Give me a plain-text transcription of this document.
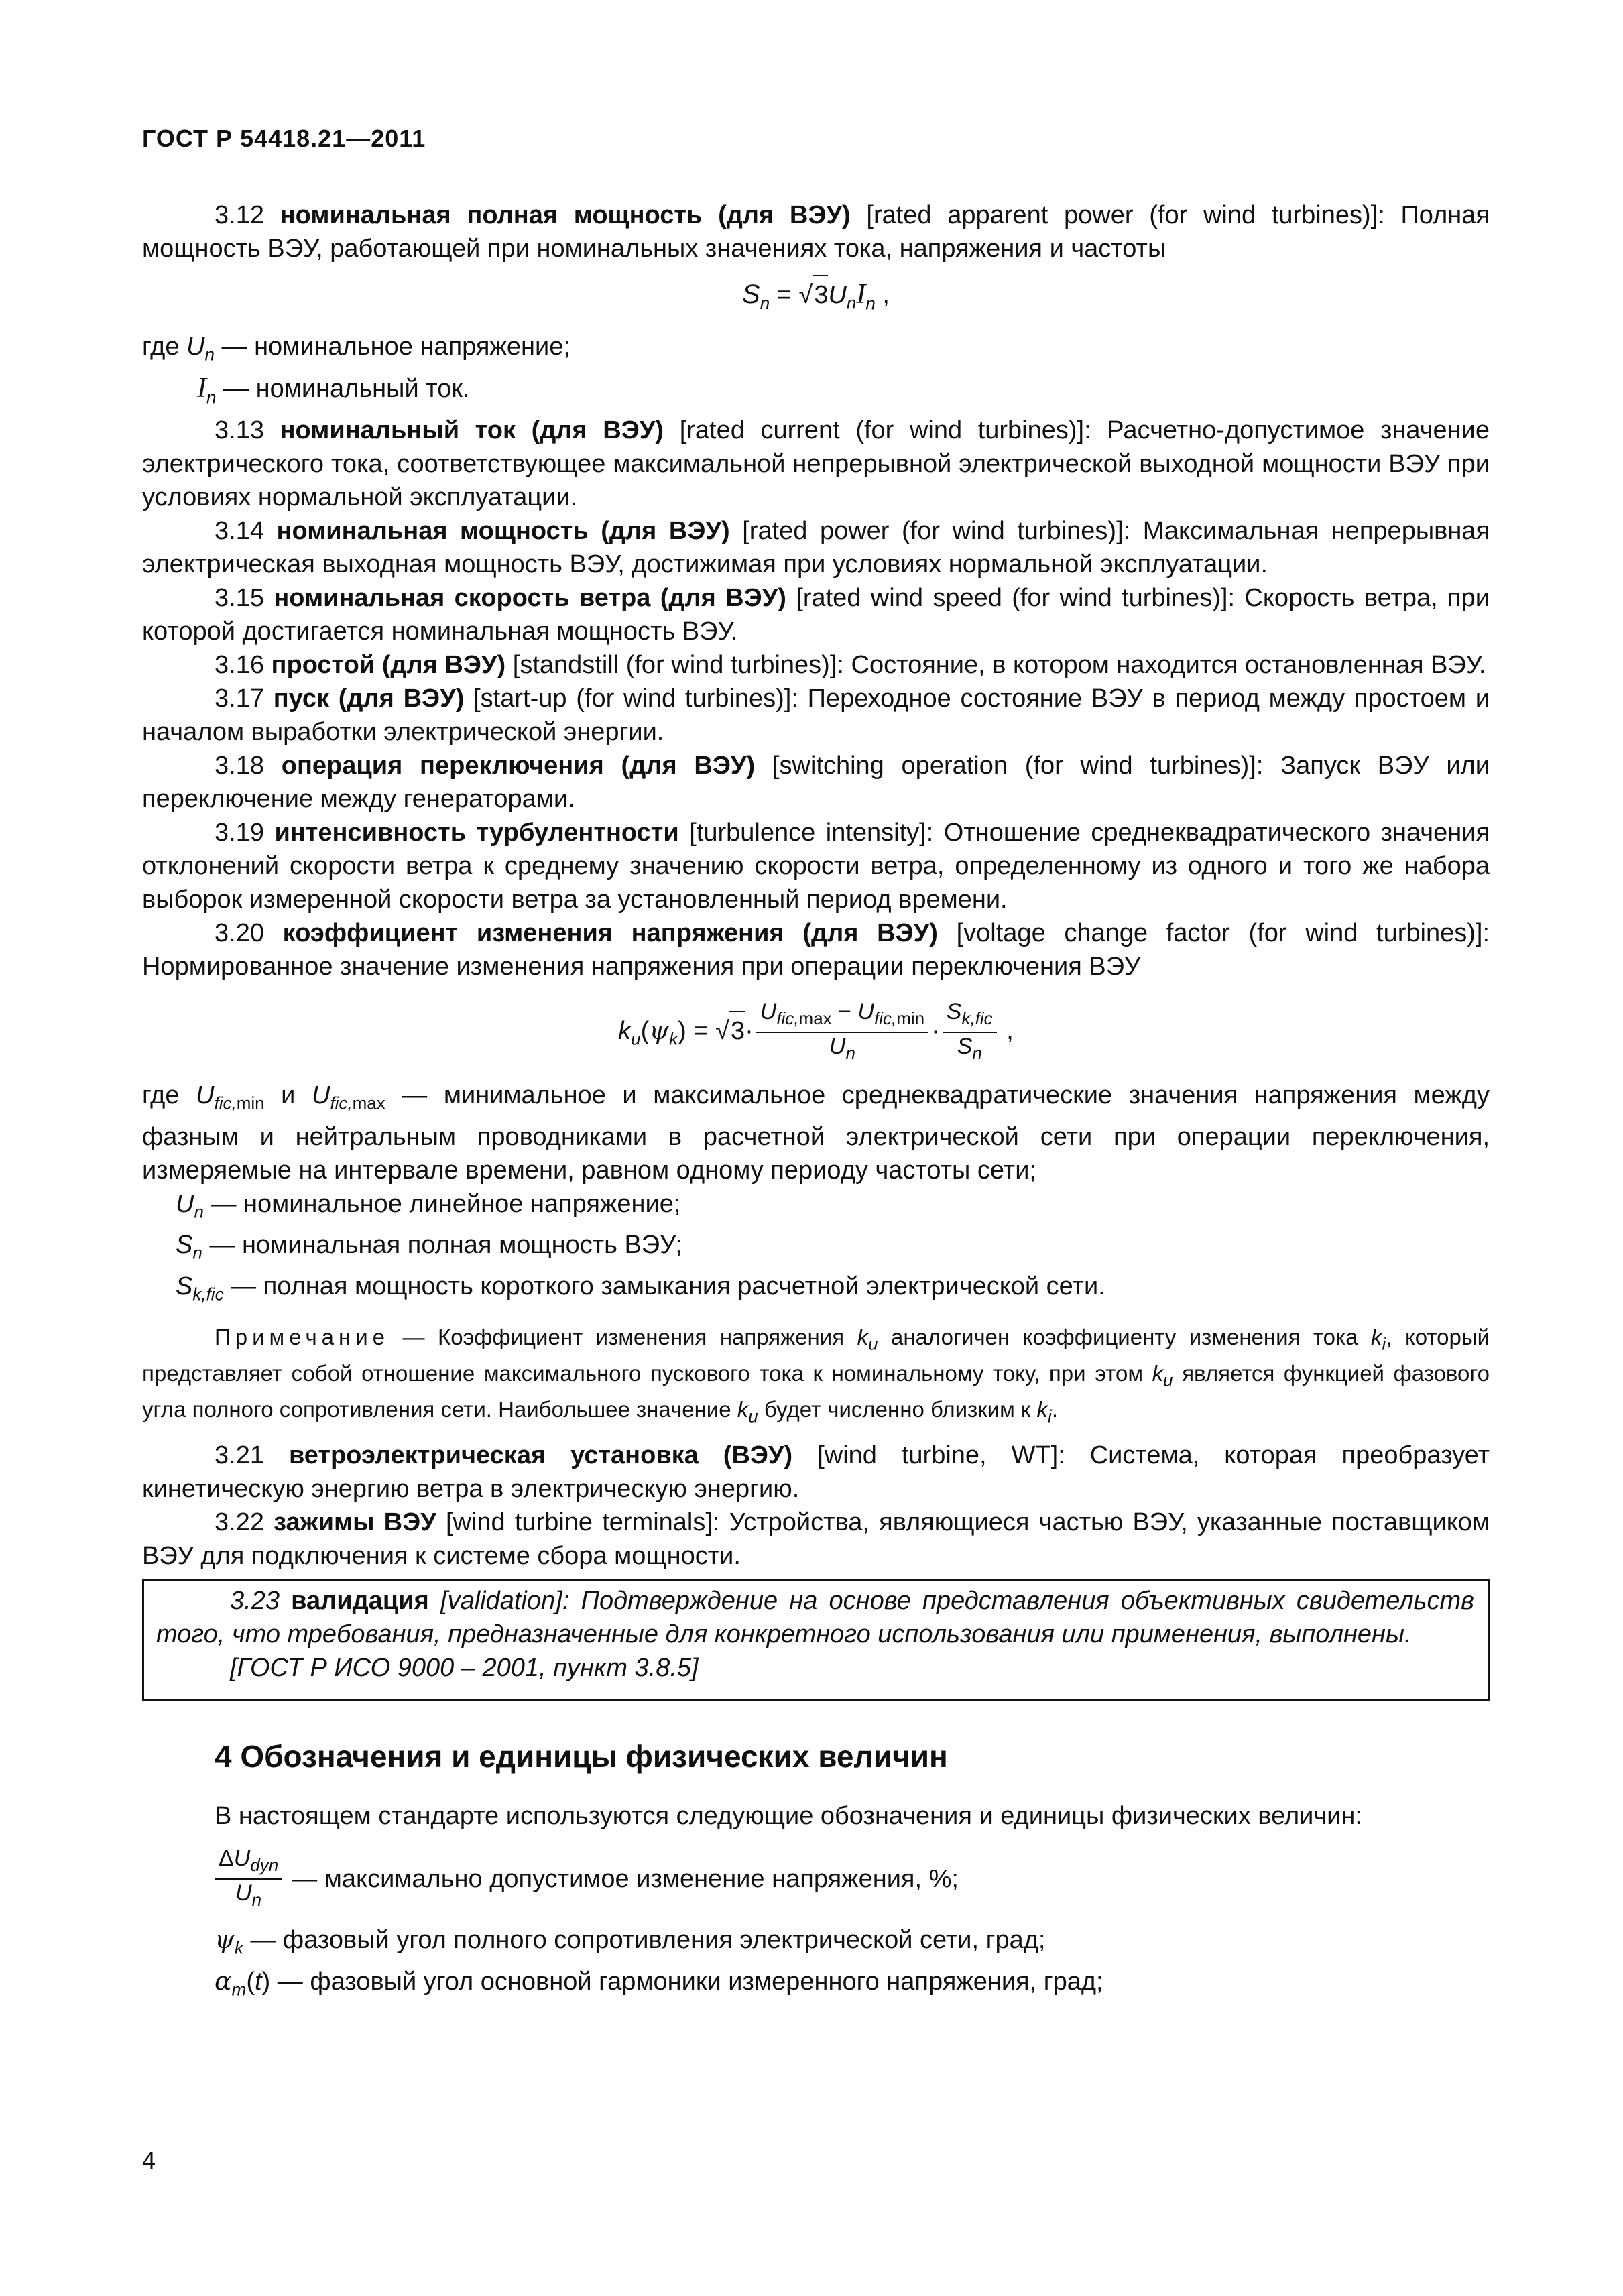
ГОСТ Р 54418.21—2011

3.12 номинальная полная мощность (для ВЭУ) [rated apparent power (for wind turbines)]: Полная мощность ВЭУ, работающей при номинальных значениях тока, напряжения и частоты

$S_n = √3U_nI_n$ ,

где $U_n$ — номинальное напряжение;
$I_n$ — номинальный ток.

3.13 номинальный ток (для ВЭУ) [rated current (for wind turbines)]: Расчетно-допустимое значение электрического тока, соответствующее максимальной непрерывной электрической выходной мощности ВЭУ при условиях нормальной эксплуатации.

3.14 номинальная мощность (для ВЭУ) [rated power (for wind turbines)]: Максимальная непрерывная электрическая выходная мощность ВЭУ, достижимая при условиях нормальной эксплуатации.

3.15 номинальная скорость ветра (для ВЭУ) [rated wind speed (for wind turbines)]: Скорость ветра, при которой достигается номинальная мощность ВЭУ.

3.16 простой (для ВЭУ) [standstill (for wind turbines)]: Состояние, в котором находится остановленная ВЭУ.

3.17 пуск (для ВЭУ) [start-up (for wind turbines)]: Переходное состояние ВЭУ в период между простоем и началом выработки электрической энергии.

3.18 операция переключения (для ВЭУ) [switching operation (for wind turbines)]: Запуск ВЭУ или переключение между генераторами.

3.19 интенсивность турбулентности [turbulence intensity]: Отношение среднеквадратического значения отклонений скорости ветра к среднему значению скорости ветра, определенному из одного и того же набора выборок измеренной скорости ветра за установленный период времени.

3.20 коэффициент изменения напряжения (для ВЭУ) [voltage change factor (for wind turbines)]: Нормированное значение изменения напряжения при операции переключения ВЭУ

$k_u(\psi_k) = √3\cdot \frac{U_{fic,max} - U_{fic,min}}{U_n} \cdot \frac{S_{k,fic}}{S_n}$ ,

где $U_{fic,min}$ и $U_{fic,max}$ — минимальное и максимальное среднеквадратические значения напряжения между фазным и нейтральным проводниками в расчетной электрической сети при операции переключения, измеряемые на интервале времени, равном одному периоду частоты сети;

$U_n$ — номинальное линейное напряжение;
$S_n$ — номинальная полная мощность ВЭУ;
$S_{k,fic}$ — полная мощность короткого замыкания расчетной электрической сети.

Примечание — Коэффициент изменения напряжения $k_u$ аналогичен коэффициенту изменения тока $k_i$, который представляет собой отношение максимального пускового тока к номинальному току, при этом $k_u$ является функцией фазового угла полного сопротивления сети. Наибольшее значение $k_u$ будет численно близким к $k_i$.

3.21 ветроэлектрическая установка (ВЭУ) [wind turbine, WT]: Система, которая преобразует кинетическую энергию ветра в электрическую энергию.

3.22 зажимы ВЭУ [wind turbine terminals]: Устройства, являющиеся частью ВЭУ, указанные поставщиком ВЭУ для подключения к системе сбора мощности.

3.23 валидация [validation]: Подтверждение на основе представления объективных свидетельств того, что требования, предназначенные для конкретного использования или применения, выполнены.

[ГОСТ Р ИСО 9000 – 2001, пункт 3.8.5]

4 Обозначения и единицы физических величин

В настоящем стандарте используются следующие обозначения и единицы физических величин:

$\frac{\Delta U_{dyn}}{U_n}$ — максимально допустимое изменение напряжения, %;
$\psi_k$ — фазовый угол полного сопротивления электрической сети, град;
$\alpha_m(t)$ — фазовый угол основной гармоники измеренного напряжения, град;
4
